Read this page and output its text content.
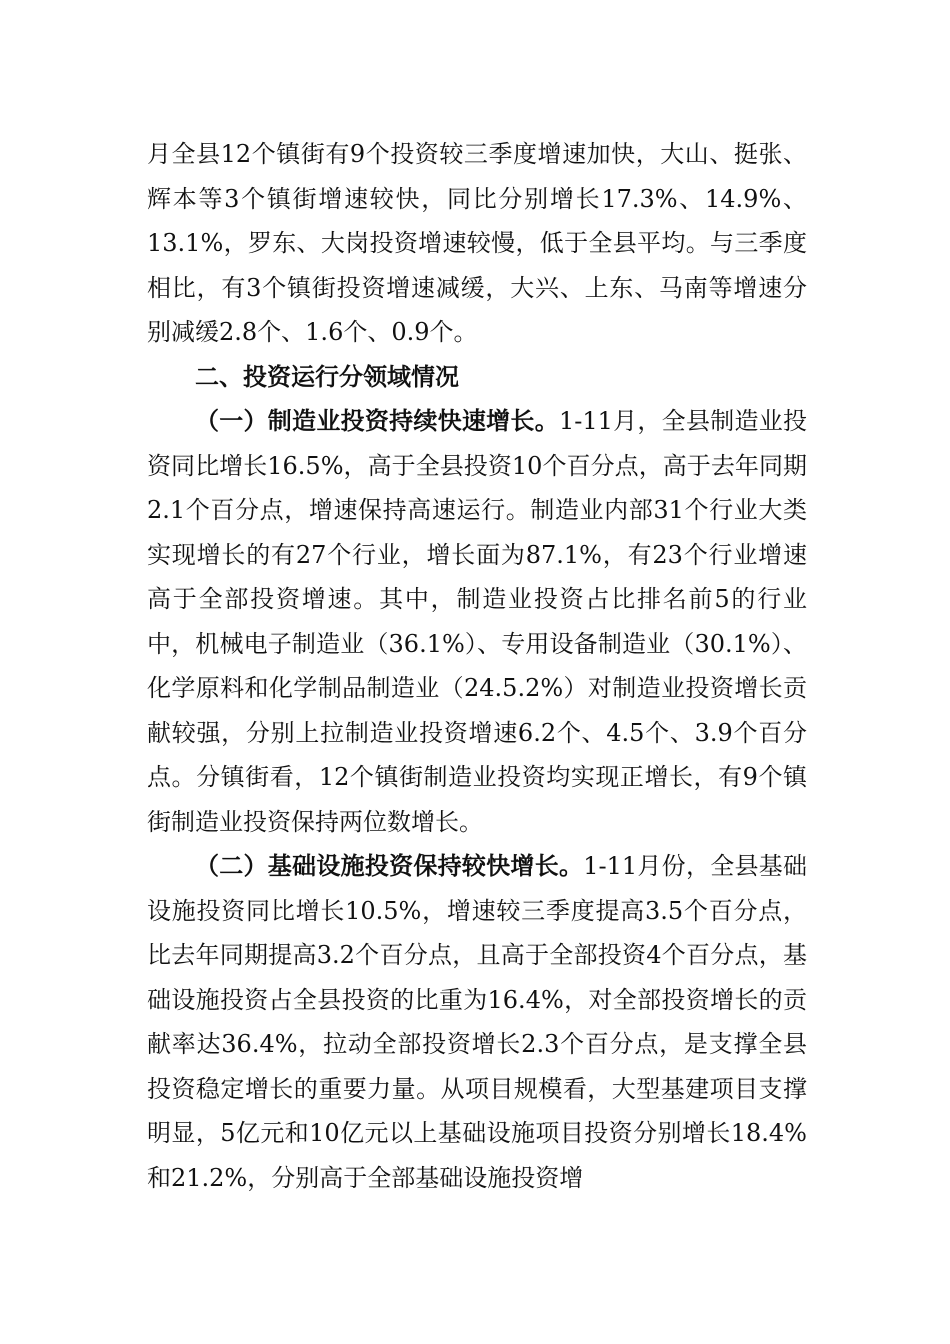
月全县12个镇街有9个投资较三季度增速加快，大山、挺张、辉本等3个镇街增速较快，同比分别增长17.3%、14.9%、13.1%，罗东、大岗投资增速较慢，低于全县平均。与三季度相比，有3个镇街投资增速减缓，大兴、上东、马南等增速分别减缓2.8个、1.6个、0.9个。

二、投资运行分领域情况

（一）制造业投资持续快速增长。1-11月，全县制造业投资同比增长16.5%，高于全县投资10个百分点，高于去年同期2.1个百分点，增速保持高速运行。制造业内部31个行业大类实现增长的有27个行业，增长面为87.1%，有23个行业增速高于全部投资增速。其中，制造业投资占比排名前5的行业中，机械电子制造业（36.1%）、专用设备制造业（30.1%）、化学原料和化学制品制造业（24.5.2%）对制造业投资增长贡献较强，分别上拉制造业投资增速6.2个、4.5个、3.9个百分点。分镇街看，12个镇街制造业投资均实现正增长，有9个镇街制造业投资保持两位数增长。

（二）基础设施投资保持较快增长。1-11月份，全县基础设施投资同比增长10.5%，增速较三季度提高3.5个百分点，比去年同期提高3.2个百分点，且高于全部投资4个百分点，基础设施投资占全县投资的比重为16.4%，对全部投资增长的贡献率达36.4%，拉动全部投资增长2.3个百分点，是支撑全县投资稳定增长的重要力量。从项目规模看，大型基建项目支撑明显，5亿元和10亿元以上基础设施项目投资分别增长18.4%和21.2%，分别高于全部基础设施投资增
